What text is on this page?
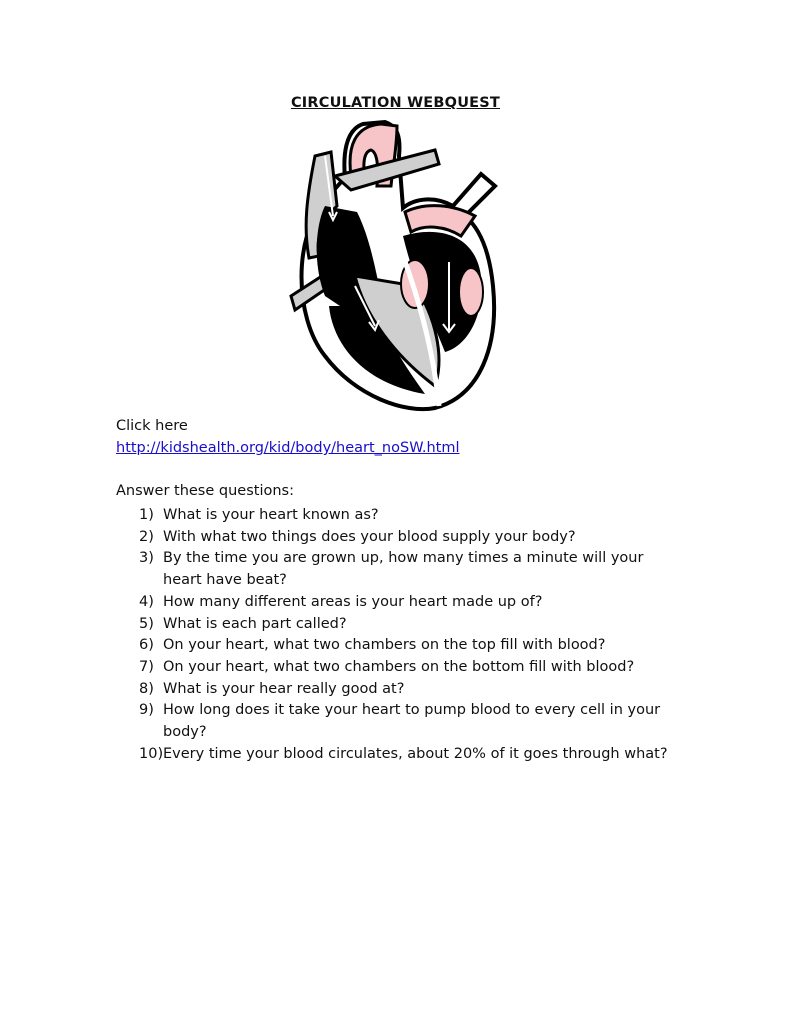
CIRCULATION WEBQUEST
Click here
http://kidshealth.org/kid/body/heart_noSW.html
Answer these questions:
1) What is your heart known as?
2) With what two things does your blood supply your body?
3) By the time you are grown up, how many times a minute will your heart have beat?
4) How many different areas is your heart made up of?
5) What is each part called?
6) On your heart, what two chambers on the top fill with blood?
7) On your heart, what two chambers on the bottom fill with blood?
8) What is your hear really good at?
9) How long does it take your heart to pump blood to every cell in your body?
10) Every time your blood circulates, about 20% of it goes through what?
